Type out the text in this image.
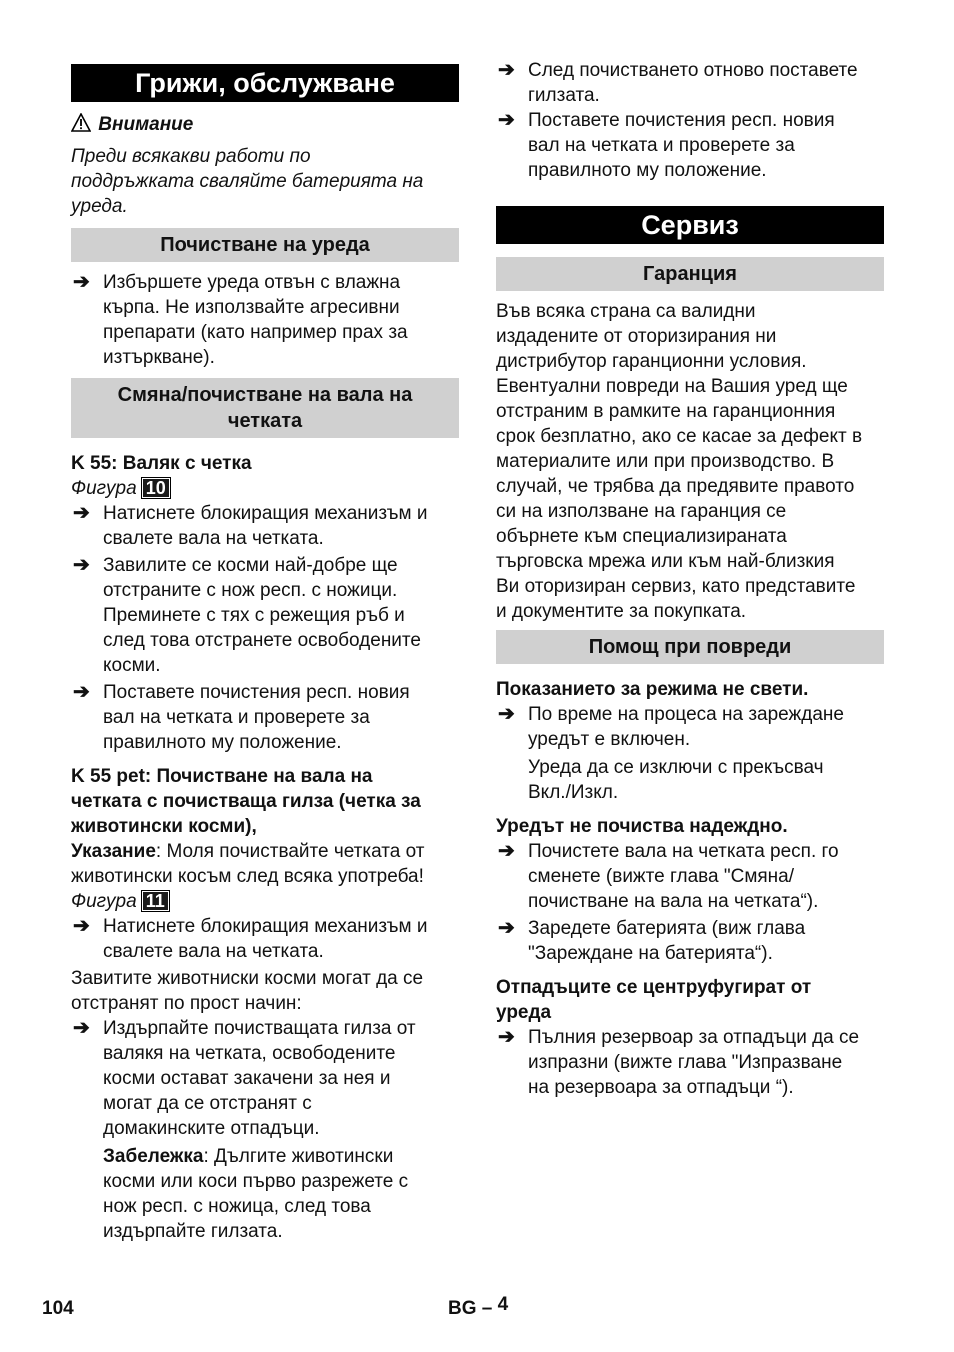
Грижи, обслужване
Внимание
Преди всякакви работи по
поддръжката сваляйте батерията на
уреда.
Почистване на уреда
➔ Избършете уреда отвън с влажна
кърпа. Не използвайте агресивни
препарати (като например прах за
изтъркване).
Смяна/почистване на вала на
четката
K 55: Валяк с четка
Фигура 10
➔ Натиснете блокиращия механизъм и
свалете вала на четката.
➔ Завилите се косми най-добре ще
отстраните с нож респ. с ножици.
Преминете с тях с режещия ръб и
след това отстранете освободените
косми.
➔ Поставете почистения респ. новия
вал на четката и проверете за
правилното му положение.
K 55 pet: Почистване на вала на
четката с почистваща гилза (четка за
животински косми),
Указание: Моля почиствайте четката от
животински косъм след всяка употреба!
Фигура 11
➔ Натиснете блокиращия механизъм и
свалете вала на четката.
Завитите животниски косми могат да се
отстранят по прост начин:
➔ Издърпайте почистващата гилза от
валякя на четката, освободените
косми остават закачени за нея и
могат да се отстранят с
домакинските отпадъци.
Забележка: Дългите животински
косми или коси първо разрежете с
нож респ. с ножица, след това
издърпайте гилзата.
➔ След почистването отново поставете
гилзата.
➔ Поставете почистения респ. новия
вал на четката и проверете за
правилното му положение.
Сервиз
Гаранция
Във всяка страна са валидни
издадените от оторизирания ни
дистрибутор гаранционни условия.
Евентуални повреди на Вашия уред ще
отстраним в рамките на гаранционния
срок безплатно, ако се касае за дефект в
материалите или при производство. В
случай, че трябва да предявите правото
си на използване на гаранция се
обърнете към специализираната
търговска мрежа или към най-близкия
Ви оторизиран сервиз, като представите
и документите за покупката.
Помощ при повреди
Показанието за режима не свети.
➔ По време на процеса на зареждане
уредът е включен.
Уреда да се изключи с прекъсвач
Вкл./Изкл.
Уредът не почиства надеждно.
➔ Почистете вала на четката респ. го
сменете (вижте глава "Смяна/
почистване на вала на четката“).
➔ Заредете батерията (виж глава
"Зареждане на батерията“).
Отпадъците се центруфугират от
уреда
➔ Пълния резервоар за отпадъци да се
изпразни (вижте глава "Изпразване
на резервоара за отпадъци “).
104	BG – 4
